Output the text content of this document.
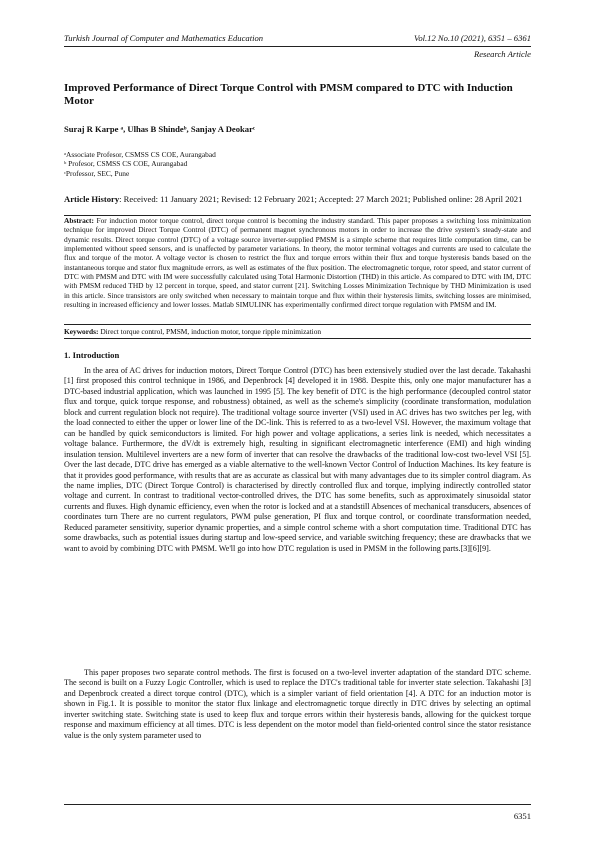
Turkish Journal of Computer and Mathematics Education	Vol.12 No.10 (2021), 6351 – 6361
Research Article
Improved Performance of Direct Torque Control with PMSM compared to DTC with Induction Motor
Suraj R Karpe ᵃ, Ulhas B Shindeᵇ, Sanjay A Deokarᶜ
ᵃAssociate Profesor, CSMSS CS COE, Aurangabad
ᵇ Profesor, CSMSS CS COE, Aurangabad
ᶜProfessor, SEC, Pune
Article History: Received: 11 January 2021; Revised: 12 February 2021; Accepted: 27 March 2021; Published online: 28 April 2021
Abstract: For induction motor torque control, direct torque control is becoming the industry standard. This paper proposes a switching loss minimization technique for improved Direct Torque Control (DTC) of permanent magnet synchronous motors in order to increase the drive system's steady-state and dynamic results. Direct torque control (DTC) of a voltage source inverter-supplied PMSM is a simple scheme that requires little computation time, can be implemented without speed sensors, and is unaffected by parameter variations. In theory, the motor terminal voltages and currents are used to calculate the flux and torque of the motor. A voltage vector is chosen to restrict the flux and torque errors within their flux and torque hysteresis bands based on the instantaneous torque and stator flux magnitude errors, as well as estimates of the flux position. The electromagnetic torque, rotor speed, and stator current of DTC with PMSM and DTC with IM were successfully calculated using Total Harmonic Distortion (THD) in this article. As compared to DTC with IM, DTC with PMSM reduced THD by 12 percent in torque, speed, and stator current [21]. Switching Losses Minimization Technique by THD Minimization is used in this article. Since transistors are only switched when necessary to maintain torque and flux within their hysteresis limits, switching losses are minimised, resulting in increased efficiency and lower losses. Matlab SIMULINK has experimentally confirmed direct torque regulation with PMSM and IM.
Keywords: Direct torque control, PMSM, induction motor, torque ripple minimization
1. Introduction

In the area of AC drives for induction motors, Direct Torque Control (DTC) has been extensively studied over the last decade. Takahashi [1] first proposed this control technique in 1986, and Depenbrock [4] developed it in 1988. Despite this, only one major manufacturer has a DTC-based industrial application, which was launched in 1995 [5]. The key benefit of DTC is the high performance (decoupled control stator flux and torque, quick torque response, and robustness) obtained, as well as the scheme's simplicity (coordinate transformation, modulation block and current regulation block not require). The traditional voltage source inverter (VSI) used in AC drives has two switches per leg, with the load connected to either the upper or lower line of the DC-link. This is referred to as a two-level VSI. However, the maximum voltage that can be handled by quick semiconductors is limited. For high power and voltage applications, a series link is needed, which necessitates a voltage balance. Furthermore, the dV/dt is extremely high, resulting in significant electromagnetic interference (EMI) and high winding insulation tension. Multilevel inverters are a new form of inverter that can resolve the drawbacks of the traditional low-cost two-level VSI [5]. Over the last decade, DTC drive has emerged as a viable alternative to the well-known Vector Control of Induction Machines. Its key feature is that it provides good performance, with results that are as accurate as classical but with many advantages due to its simpler control diagram. As the name implies, DTC (Direct Torque Control) is characterised by directly controlled flux and torque, implying indirectly controlled stator voltage and current. In contrast to traditional vector-controlled drives, the DTC has some benefits, such as approximately sinusoidal stator currents and fluxes. High dynamic efficiency, even when the rotor is locked and at a standstill Absences of mechanical transducers, absences of coordinates turn There are no current regulators, PWM pulse generation, PI flux and torque control, or coordinate transformation needed, Reduced parameter sensitivity, superior dynamic properties, and a simple control scheme with a short computation time. Traditional DTC has some drawbacks, such as potential issues during startup and low-speed service, and variable switching frequency; these are drawbacks that we want to avoid by combining DTC with PMSM. We'll go into how DTC regulation is used in PMSM in the following parts.[3][6][9].

This paper proposes two separate control methods. The first is focused on a two-level inverter adaptation of the standard DTC scheme. The second is built on a Fuzzy Logic Controller, which is used to replace the DTC's traditional table for inverter state selection. Takahashi [3] and Depenbrock created a direct torque control (DTC), which is a simpler variant of field orientation [4]. A DTC for an induction motor is shown in Fig.1. It is possible to monitor the stator flux linkage and electromagnetic torque directly in DTC drives by selecting an optimal inverter switching state. Switching state is used to keep flux and torque errors within their hysteresis bands, allowing for the quickest torque response and maximum efficiency at all times. DTC is less dependent on the motor model than field-oriented control since the stator resistance value is the only system parameter used to

6351
